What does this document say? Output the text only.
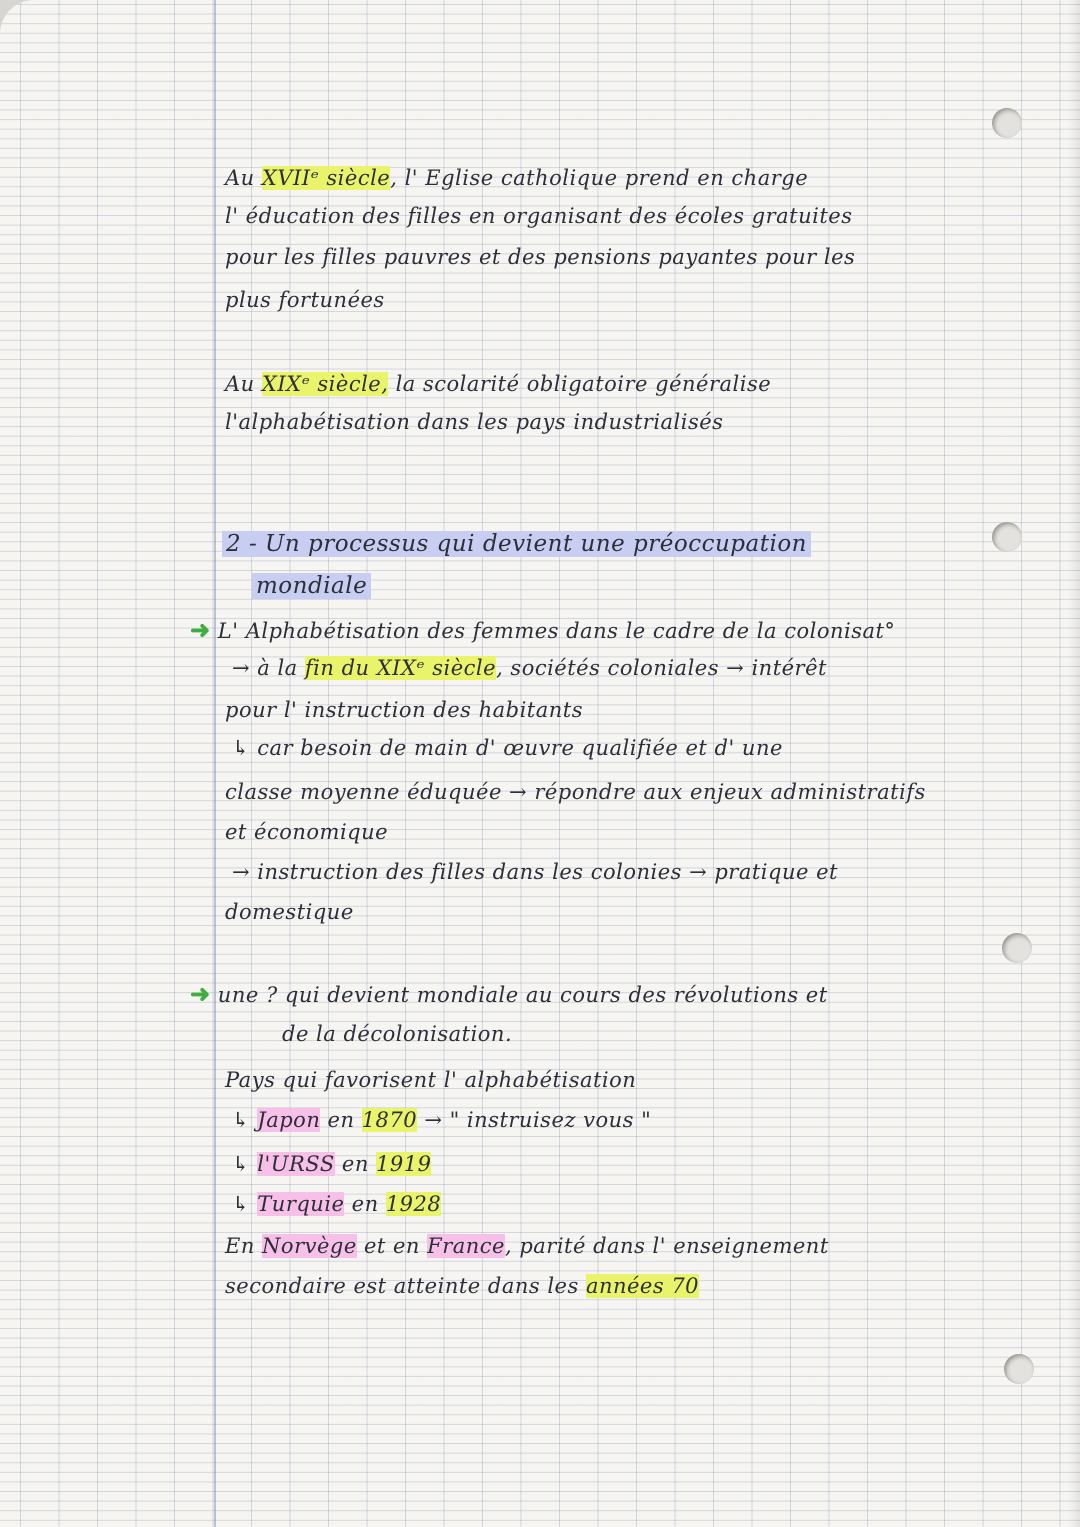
Au XVIIᵉ siècle, l' Eglise catholique prend en charge
l' éducation des filles en organisant des écoles gratuites
pour les filles pauvres et des pensions payantes pour les
plus fortunées
Au XIXᵉ siècle, la scolarité obligatoire généralise
l'alphabétisation dans les pays industrialisés
2 - Un processus qui devient une préoccupation
mondiale
➜ L' Alphabétisation des femmes dans le cadre de la colonisat°
→ à la fin du XIXᵉ siècle, sociétés coloniales → intérêt
pour l' instruction des habitants
↳ car besoin de main d' œuvre qualifiée et d' une
classe moyenne éduquée → répondre aux enjeux administratifs
et économique
→ instruction des filles dans les colonies → pratique et
domestique
➜ une ? qui devient mondiale au cours des révolutions et
de la décolonisation.
Pays qui favorisent l' alphabétisation
↳ Japon en 1870 → " instruisez vous "
↳ l'URSS en 1919
↳ Turquie en 1928
En Norvège et en France, parité dans l' enseignement
secondaire est atteinte dans les années 70
